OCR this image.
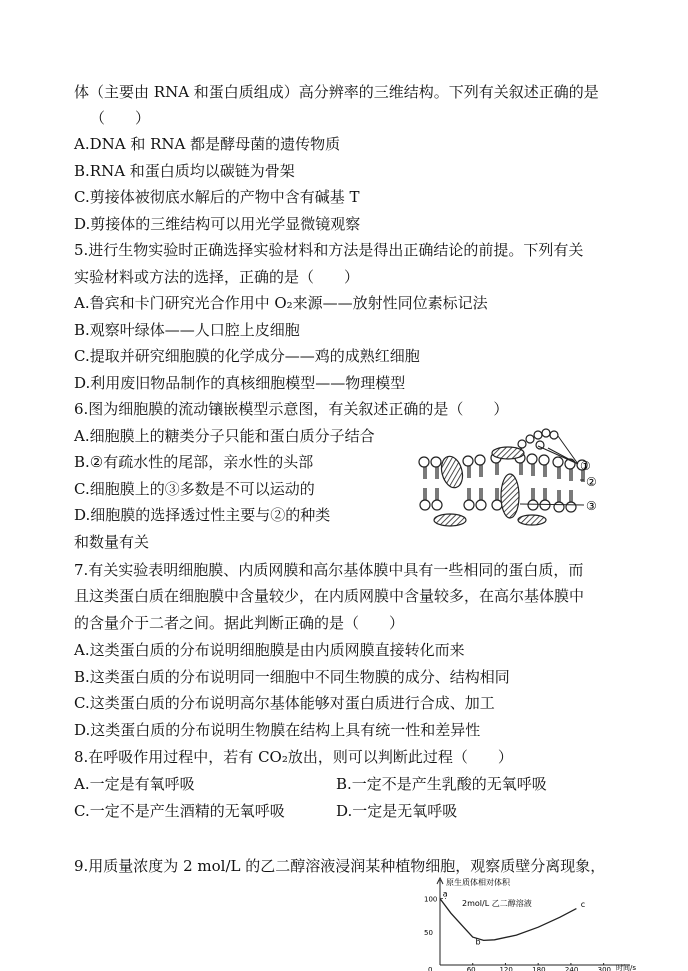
体（主要由 RNA 和蛋白质组成）高分辨率的三维结构。下列有关叙述正确的是
（　　）
A.DNA 和 RNA 都是酵母菌的遗传物质
B.RNA 和蛋白质均以碳链为骨架
C.剪接体被彻底水解后的产物中含有碱基 T
D.剪接体的三维结构可以用光学显微镜观察
5.进行生物实验时正确选择实验材料和方法是得出正确结论的前提。下列有关
实验材料或方法的选择，正确的是（　　）
A.鲁宾和卡门研究光合作用中 O₂来源——放射性同位素标记法
B.观察叶绿体——人口腔上皮细胞
C.提取并研究细胞膜的化学成分——鸡的成熟红细胞
D.利用废旧物品制作的真核细胞模型——物理模型
6.图为细胞膜的流动镶嵌模型示意图，有关叙述正确的是（　　）
A.细胞膜上的糖类分子只能和蛋白质分子结合
B.②有疏水性的尾部，亲水性的头部
C.细胞膜上的③多数是不可以运动的
D.细胞膜的选择透过性主要与②的种类
和数量有关
①
②
③
7.有关实验表明细胞膜、内质网膜和高尔基体膜中具有一些相同的蛋白质，而
且这类蛋白质在细胞膜中含量较少，在内质网膜中含量较多，在高尔基体膜中
的含量介于二者之间。据此判断正确的是（　　）
A.这类蛋白质的分布说明细胞膜是由内质网膜直接转化而来
B.这类蛋白质的分布说明同一细胞中不同生物膜的成分、结构相同
C.这类蛋白质的分布说明高尔基体能够对蛋白质进行合成、加工
D.这类蛋白质的分布说明生物膜在结构上具有统一性和差异性
8.在呼吸作用过程中，若有 CO₂放出，则可以判断此过程（　　）
A.一定是有氧呼吸	B.一定不是产生乳酸的无氧呼吸
C.一定不是产生酒精的无氧呼吸	D.一定是无氧呼吸
9.用质量浓度为 2 mol/L 的乙二醇溶液浸润某种植物细胞，观察质壁分离现象，
原生质体相对体积
2mol/L 乙二醇溶液
时间/s
0	60	120	180	240	300
50
100
a
b
c
